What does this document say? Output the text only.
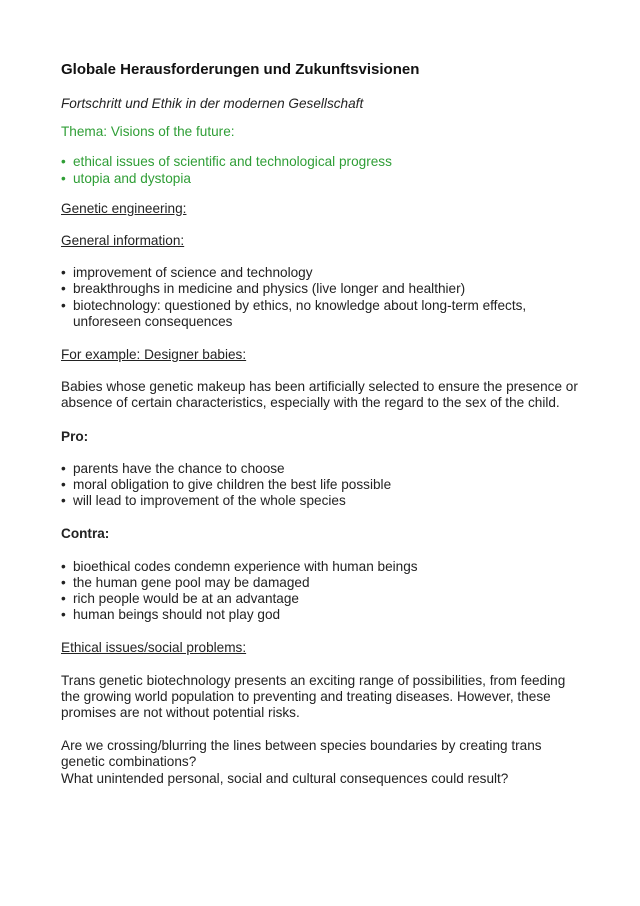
Globale Herausforderungen und Zukunftsvisionen
Fortschritt und Ethik in der modernen Gesellschaft
Thema: Visions of the future:
• ethical issues of scientific and technological progress
• utopia and dystopia
Genetic engineering:
General information:
• improvement of science and technology
• breakthroughs in medicine and physics (live longer and healthier)
• biotechnology: questioned by ethics, no knowledge about long-term effects, unforeseen consequences
For example: Designer babies:

Babies whose genetic makeup has been artificially selected to ensure the presence or absence of certain characteristics, especially with the regard to the sex of the child.

Pro:
• parents have the chance to choose
• moral obligation to give children the best life possible
• will lead to improvement of the whole species
Contra:
• bioethical codes condemn experience with human beings
• the human gene pool may be damaged
• rich people would be at an advantage
• human beings should not play god
Ethical issues/social problems:

Trans genetic biotechnology presents an exciting range of possibilities, from feeding the growing world population to preventing and treating diseases. However, these promises are not without potential risks.

Are we crossing/blurring the lines between species boundaries by creating trans genetic combinations?

What unintended personal, social and cultural consequences could result?
